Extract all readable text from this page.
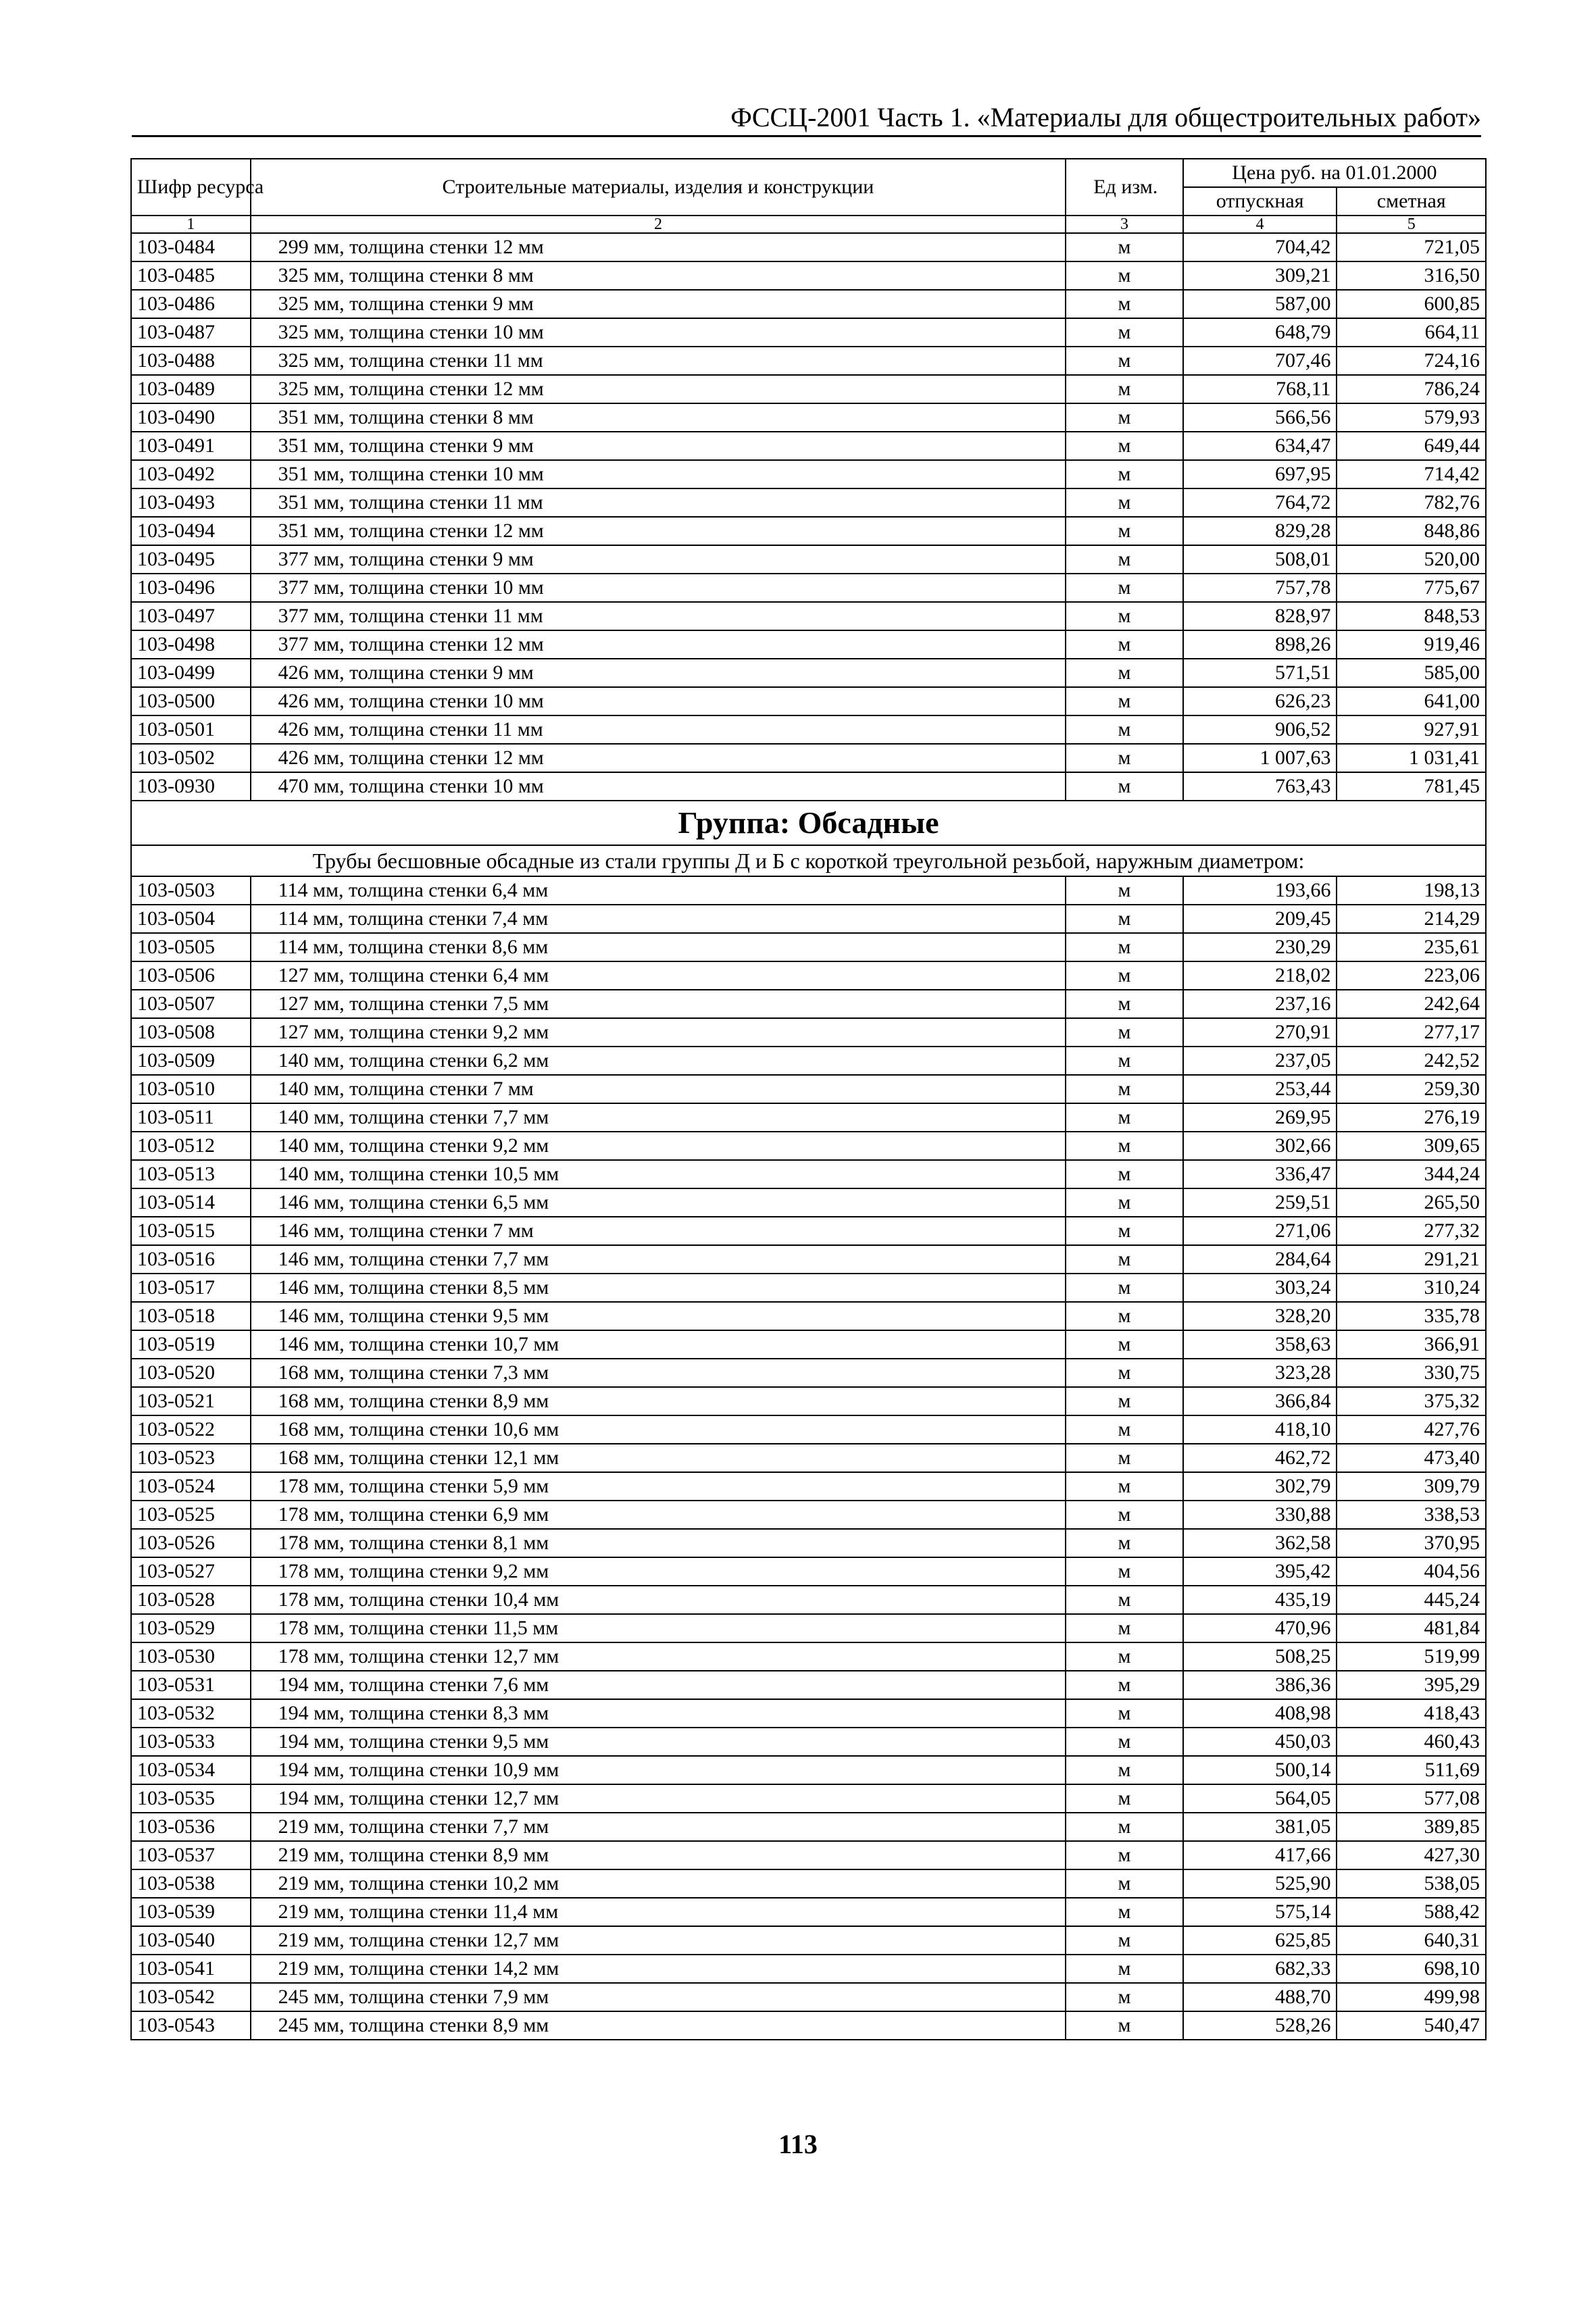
ФССЦ-2001 Часть 1. «Материалы для общестроительных работ»
Шифр ресурса	Строительные материалы, изделия и конструкции	Ед изм.	Цена руб. на 01.01.2000	
			отпускная	сметная
1	2	3	4	5
103-0484	299 мм, толщина стенки 12 мм	м	704,42	721,05
103-0485	325 мм, толщина стенки 8 мм	м	309,21	316,50
103-0486	325 мм, толщина стенки 9 мм	м	587,00	600,85
103-0487	325 мм, толщина стенки 10 мм	м	648,79	664,11
103-0488	325 мм, толщина стенки 11 мм	м	707,46	724,16
103-0489	325 мм, толщина стенки 12 мм	м	768,11	786,24
103-0490	351 мм, толщина стенки 8 мм	м	566,56	579,93
103-0491	351 мм, толщина стенки 9 мм	м	634,47	649,44
103-0492	351 мм, толщина стенки 10 мм	м	697,95	714,42
103-0493	351 мм, толщина стенки 11 мм	м	764,72	782,76
103-0494	351 мм, толщина стенки 12 мм	м	829,28	848,86
103-0495	377 мм, толщина стенки 9 мм	м	508,01	520,00
103-0496	377 мм, толщина стенки 10 мм	м	757,78	775,67
103-0497	377 мм, толщина стенки 11 мм	м	828,97	848,53
103-0498	377 мм, толщина стенки 12 мм	м	898,26	919,46
103-0499	426 мм, толщина стенки 9 мм	м	571,51	585,00
103-0500	426 мм, толщина стенки 10 мм	м	626,23	641,00
103-0501	426 мм, толщина стенки 11 мм	м	906,52	927,91
103-0502	426 мм, толщина стенки 12 мм	м	1 007,63	1 031,41
103-0930	470 мм, толщина стенки 10 мм	м	763,43	781,45
Группа: Обсадные				
Трубы бесшовные обсадные из стали группы Д и Б с короткой треугольной резьбой, наружным диаметром:				
103-0503	114 мм, толщина стенки 6,4 мм	м	193,66	198,13
103-0504	114 мм, толщина стенки 7,4 мм	м	209,45	214,29
103-0505	114 мм, толщина стенки 8,6 мм	м	230,29	235,61
103-0506	127 мм, толщина стенки 6,4 мм	м	218,02	223,06
103-0507	127 мм, толщина стенки 7,5 мм	м	237,16	242,64
103-0508	127 мм, толщина стенки 9,2 мм	м	270,91	277,17
103-0509	140 мм, толщина стенки 6,2 мм	м	237,05	242,52
103-0510	140 мм, толщина стенки 7 мм	м	253,44	259,30
103-0511	140 мм, толщина стенки 7,7 мм	м	269,95	276,19
103-0512	140 мм, толщина стенки 9,2 мм	м	302,66	309,65
103-0513	140 мм, толщина стенки 10,5 мм	м	336,47	344,24
103-0514	146 мм, толщина стенки 6,5 мм	м	259,51	265,50
103-0515	146 мм, толщина стенки 7 мм	м	271,06	277,32
103-0516	146 мм, толщина стенки 7,7 мм	м	284,64	291,21
103-0517	146 мм, толщина стенки 8,5 мм	м	303,24	310,24
103-0518	146 мм, толщина стенки 9,5 мм	м	328,20	335,78
103-0519	146 мм, толщина стенки 10,7 мм	м	358,63	366,91
103-0520	168 мм, толщина стенки 7,3 мм	м	323,28	330,75
103-0521	168 мм, толщина стенки 8,9 мм	м	366,84	375,32
103-0522	168 мм, толщина стенки 10,6 мм	м	418,10	427,76
103-0523	168 мм, толщина стенки 12,1 мм	м	462,72	473,40
103-0524	178 мм, толщина стенки 5,9 мм	м	302,79	309,79
103-0525	178 мм, толщина стенки 6,9 мм	м	330,88	338,53
103-0526	178 мм, толщина стенки 8,1 мм	м	362,58	370,95
103-0527	178 мм, толщина стенки 9,2 мм	м	395,42	404,56
103-0528	178 мм, толщина стенки 10,4 мм	м	435,19	445,24
103-0529	178 мм, толщина стенки 11,5 мм	м	470,96	481,84
103-0530	178 мм, толщина стенки 12,7 мм	м	508,25	519,99
103-0531	194 мм, толщина стенки 7,6 мм	м	386,36	395,29
103-0532	194 мм, толщина стенки 8,3 мм	м	408,98	418,43
103-0533	194 мм, толщина стенки 9,5 мм	м	450,03	460,43
103-0534	194 мм, толщина стенки 10,9 мм	м	500,14	511,69
103-0535	194 мм, толщина стенки 12,7 мм	м	564,05	577,08
103-0536	219 мм, толщина стенки 7,7 мм	м	381,05	389,85
103-0537	219 мм, толщина стенки 8,9 мм	м	417,66	427,30
103-0538	219 мм, толщина стенки 10,2 мм	м	525,90	538,05
103-0539	219 мм, толщина стенки 11,4 мм	м	575,14	588,42
103-0540	219 мм, толщина стенки 12,7 мм	м	625,85	640,31
103-0541	219 мм, толщина стенки 14,2 мм	м	682,33	698,10
103-0542	245 мм, толщина стенки 7,9 мм	м	488,70	499,98
103-0543	245 мм, толщина стенки 8,9 мм	м	528,26	540,47
113
